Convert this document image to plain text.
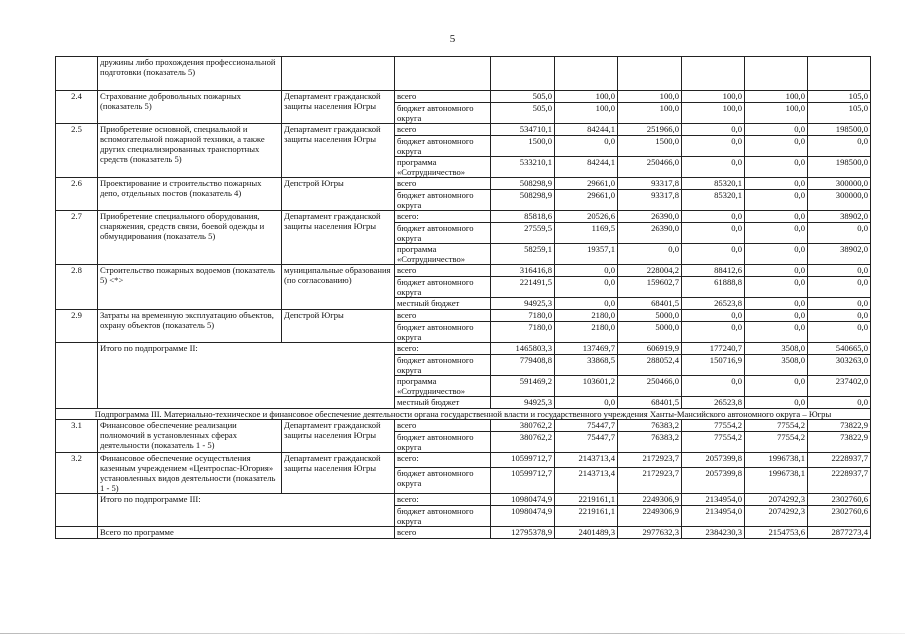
5
	дружины либо прохождения профессиональной подготовки (показатель 5)								
2.4	Страхование добровольных пожарных (показатель 5)	Департамент гражданской защиты населения Югры	всего	505,0	100,0	100,0	100,0	100,0	105,0
			бюджет автономного округа	505,0	100,0	100,0	100,0	100,0	105,0
2.5	Приобретение основной, специальной и вспомогательной пожарной техники, а также других специализированных транспортных средств (показатель 5)	Департамент гражданской защиты населения Югры	всего	534710,1	84244,1	251966,0	0,0	0,0	198500,0
			бюджет автономного округа	1500,0	0,0	1500,0	0,0	0,0	0,0
			программа «Сотрудничество»	533210,1	84244,1	250466,0	0,0	0,0	198500,0
2.6	Проектирование и строительство пожарных депо, отдельных постов (показатель 4)	Депстрой Югры	всего	508298,9	29661,0	93317,8	85320,1	0,0	300000,0
			бюджет автономного округа	508298,9	29661,0	93317,8	85320,1	0,0	300000,0
2.7	Приобретение специального оборудования, снаряжения, средств связи, боевой одежды и обмундирования (показатель 5)	Департамент гражданской защиты населения Югры	всего:	85818,6	20526,6	26390,0	0,0	0,0	38902,0
			бюджет автономного округа	27559,5	1169,5	26390,0	0,0	0,0	0,0
			программа «Сотрудничество»	58259,1	19357,1	0,0	0,0	0,0	38902,0
2.8	Строительство пожарных водоемов (показатель 5) <*>	муниципальные образования (по согласованию)	всего	316416,8	0,0	228004,2	88412,6	0,0	0,0
			бюджет автономного округа	221491,5	0,0	159602,7	61888,8	0,0	0,0
			местный бюджет	94925,3	0,0	68401,5	26523,8	0,0	0,0
2.9	Затраты на временную эксплуатацию объектов, охрану объектов (показатель 5)	Депстрой Югры	всего	7180,0	2180,0	5000,0	0,0	0,0	0,0
			бюджет автономного округа	7180,0	2180,0	5000,0	0,0	0,0	0,0
	Итого по подпрограмме II:		всего:	1465803,3	137469,7	606919,9	177240,7	3508,0	540665,0
			бюджет автономного округа	779408,8	33868,5	288052,4	150716,9	3508,0	303263,0
			программа «Сотрудничество»	591469,2	103601,2	250466,0	0,0	0,0	237402,0
			местный бюджет	94925,3	0,0	68401,5	26523,8	0,0	0,0
Подпрограмма III. Материально-техническое и финансовое обеспечение деятельности органа государственной власти и государственного учреждения Ханты-Мансийского автономного округа – Югры									
3.1	Финансовое обеспечение реализации полномочий в установленных сферах деятельности (показатель 1 - 5)	Департамент гражданской защиты населения Югры	всего	380762,2	75447,7	76383,2	77554,2	77554,2	73822,9
			бюджет автономного округа	380762,2	75447,7	76383,2	77554,2	77554,2	73822,9
3.2	Финансовое обеспечение осуществления казенным учреждением «Центроспас-Югория» установленных видов деятельности (показатель 1 - 5)	Департамент гражданской защиты населения Югры	всего:	10599712,7	2143713,4	2172923,7	2057399,8	1996738,1	2228937,7
			бюджет автономного округа	10599712,7	2143713,4	2172923,7	2057399,8	1996738,1	2228937,7
	Итого по подпрограмме III:		всего:	10980474,9	2219161,1	2249306,9	2134954,0	2074292,3	2302760,6
			бюджет автономного округа	10980474,9	2219161,1	2249306,9	2134954,0	2074292,3	2302760,6
	Всего по программе		всего	12795378,9	2401489,3	2977632,3	2384230,3	2154753,6	2877273,4
